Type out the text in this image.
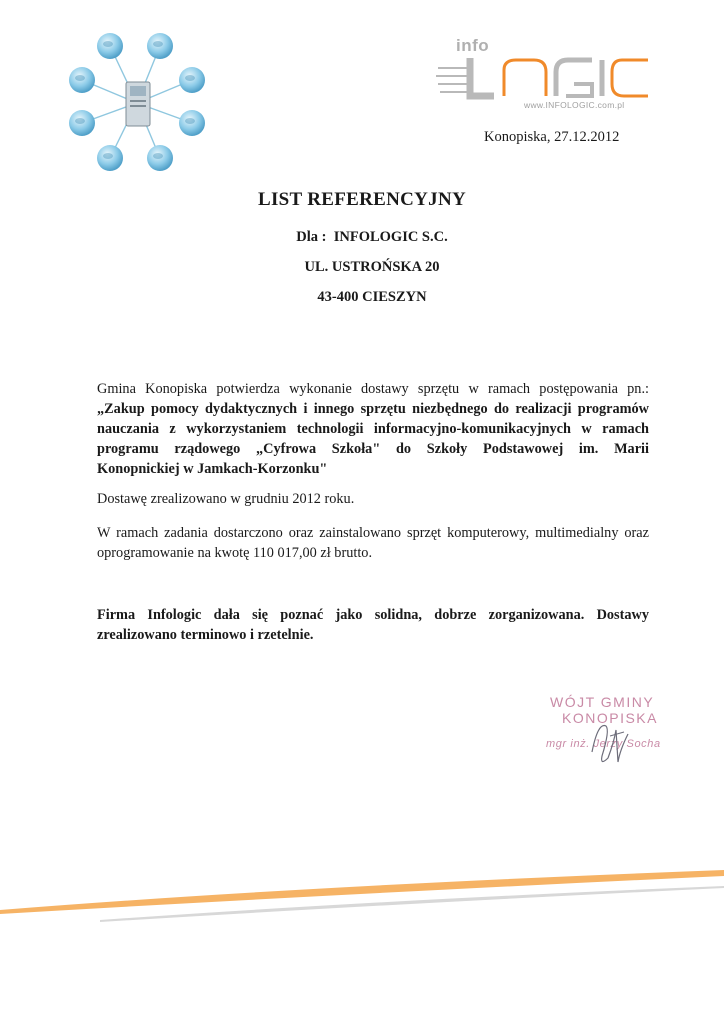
info
www.INFOLOGIC.com.pl
Konopiska, 27.12.2012
LIST REFERENCYJNY
Dla :  INFOLOGIC S.C.
UL. USTROŃSKA 20
43-400 CIESZYN
Gmina Konopiska potwierdza wykonanie dostawy sprzętu w ramach postępowania pn.:
„Zakup pomocy dydaktycznych i innego sprzętu niezbędnego do realizacji programów
nauczania z wykorzystaniem technologii informacyjno-komunikacyjnych w ramach
programu rządowego „Cyfrowa Szkoła" do Szkoły Podstawowej im. Marii
Konopnickiej w Jamkach-Korzonku"
Dostawę zrealizowano w grudniu 2012 roku.
W ramach zadania dostarczono oraz zainstalowano sprzęt komputerowy, multimedialny oraz
oprogramowanie na kwotę 110 017,00 zł brutto.
Firma Infologic dała się poznać jako solidna, dobrze zorganizowana. Dostawy
zrealizowano terminowo i rzetelnie.
WÓJT GMINY
KONOPISKA
mgr inż. Jerzy Socha
